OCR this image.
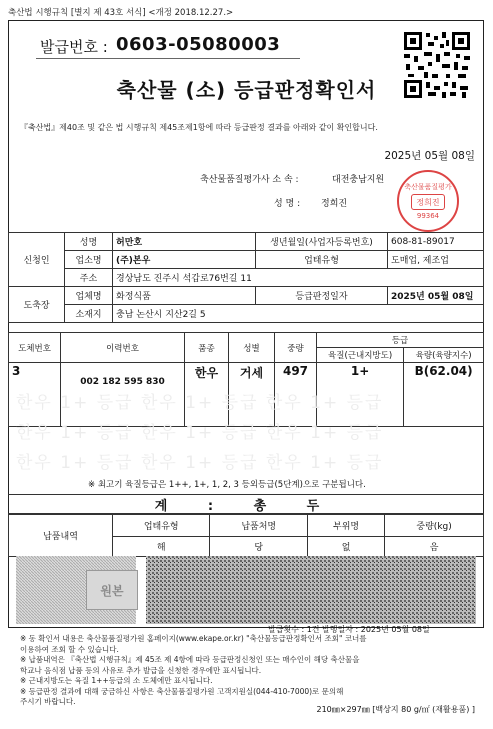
축산법 시행규칙 [별지 제 43호 서식] <개정 2018.12.27.>
발급번호 : 0603-05080003
축산물 (소) 등급판정확인서
『축산법』제40조 및 같은 법 시행규칙 제45조제1항에 따라 등급판정 결과를 아래와 같이 확인합니다.
2025년 05월 08일
축산물품질평가사 소 속 :	대전충남지원
성 명 : 정희진
축산물품질평가
정희진
99364
신청인	성명	허만호	생년월일(사업자등록번호)	608-81-89017
	업소명	(주)본우	업태유형	도매업, 제조업
	주소	경상남도 진주시 석갑로76번길 11		
도축장	업체명	화정식품	등급판정일자	2025년 05월 08일
	소재지	충남 논산시 지산2길 5		
도체번호	이력번호	품종	성별	중량	등급	
					육질(근내지방도)	육량(육량지수)
3	002 182 595 830	한우	거세	497	1+	B(62.04)
한우 1+ 등급 한우 1+ 등급 한우 1+ 등급
한우 1+ 등급 한우 1+ 등급 한우 1+ 등급
한우 1+ 등급 한우 1+ 등급 한우 1+ 등급
※ 최고기 육질등급은 1++, 1+, 1, 2, 3 등외등급(5단계)으로 구분됩니다.
계 : 총 두
납품내역	업태유형	납품처명	부위명	중량(kg)
	해	당	없	음
원본
발급횟수 : 1건 발행일자 : 2025년 05월 08일
※ 동 확인서 내용은 축산물품질평가원 홈페이지(www.ekape.or.kr) "축산물등급판정확인서 조회" 코너를
이용하여 조회 할 수 있습니다.
※ 납품내역은 『축산법 시행규칙』제 45조 제 4항에 따라 등급판정신청인 또는 매수인이 해당 축산물을
학교나 음식점 납품 등의 사유로 추가 발급을 신청한 경우에만 표시됩니다.
※ 근내지방도는 육질 1++등급의 소 도체에만 표시됩니다.
※ 등급판정 결과에 대해 궁금하신 사항은 축산물품질평가원 고객지원실(044-410-7000)로 문의해
주시기 바랍니다.
210㎜×297㎜ [백상지 80 g/㎡ (재활용품) ]
